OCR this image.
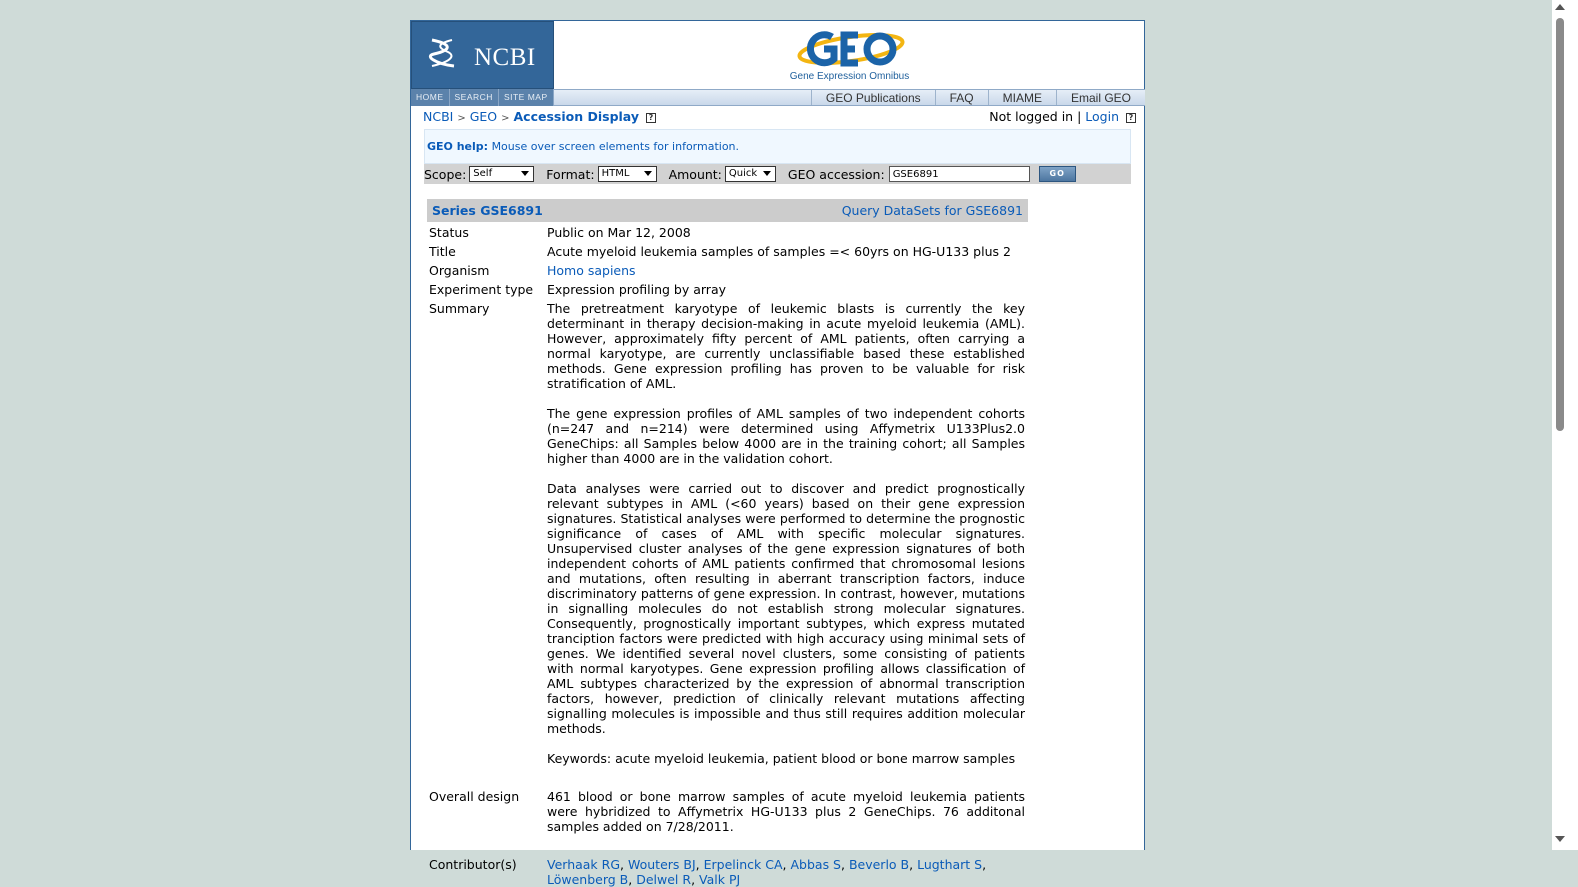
NCBI
Gene Expression Omnibus
HOME	SEARCH	SITE MAP	GEO Publications	FAQ	MIAME	Email GEO
NCBI > GEO > Accession Display ?	Not logged in | Login ?
GEO help: Mouse over screen elements for information.
Scope: Self	Format: HTML	Amount: Quick	GEO accession:
GSE6891	GO
Series GSE6891	Query DataSets for GSE6891
Status	Public on Mar 12, 2008
Title	Acute myeloid leukemia samples of samples =< 60yrs on HG-U133 plus 2
Organism	Homo sapiens
Experiment type	Expression profiling by array
Summary	The pretreatment karyotype of leukemic blasts is currently the key determinant in therapy decision-making in acute myeloid leukemia (AML). However, approximately fifty percent of AML patients, often carrying a normal karyotype, are currently unclassifiable based these established methods. Gene expression profiling has proven to be valuable for risk stratification of AML.

The gene expression profiles of AML samples of two independent cohorts (n=247 and n=214) were determined using Affymetrix U133Plus2.0 GeneChips: all Samples below 4000 are in the training cohort; all Samples higher than 4000 are in the validation cohort.

Data analyses were carried out to discover and predict prognostically relevant subtypes in AML (<60 years) based on their gene expression signatures. Statistical analyses were performed to determine the prognostic significance of cases of AML with specific molecular signatures. Unsupervised cluster analyses of the gene expression signatures of both independent cohorts of AML patients confirmed that chromosomal lesions and mutations, often resulting in aberrant transcription factors, induce discriminatory patterns of gene expression. In contrast, however, mutations in signalling molecules do not establish strong molecular signatures. Consequently, prognostically important subtypes, which express mutated tranciption factors were predicted with high accuracy using minimal sets of genes. We identified several novel clusters, some consisting of patients with normal karyotypes. Gene expression profiling allows classification of AML subtypes characterized by the expression of abnormal transcription factors, however, prediction of clinically relevant mutations affecting signalling molecules is impossible and thus still requires addition molecular methods.

Keywords: acute myeloid leukemia, patient blood or bone marrow samples

Overall design	461 blood or bone marrow samples of acute myeloid leukemia patients were hybridized to Affymetrix HG-U133 plus 2 GeneChips. 76 additonal samples added on 7/28/2011.
Contributor(s)	Verhaak RG, Wouters BJ, Erpelinck CA, Abbas S, Beverlo B, Lugthart S,
Löwenberg B, Delwel R, Valk PJ
